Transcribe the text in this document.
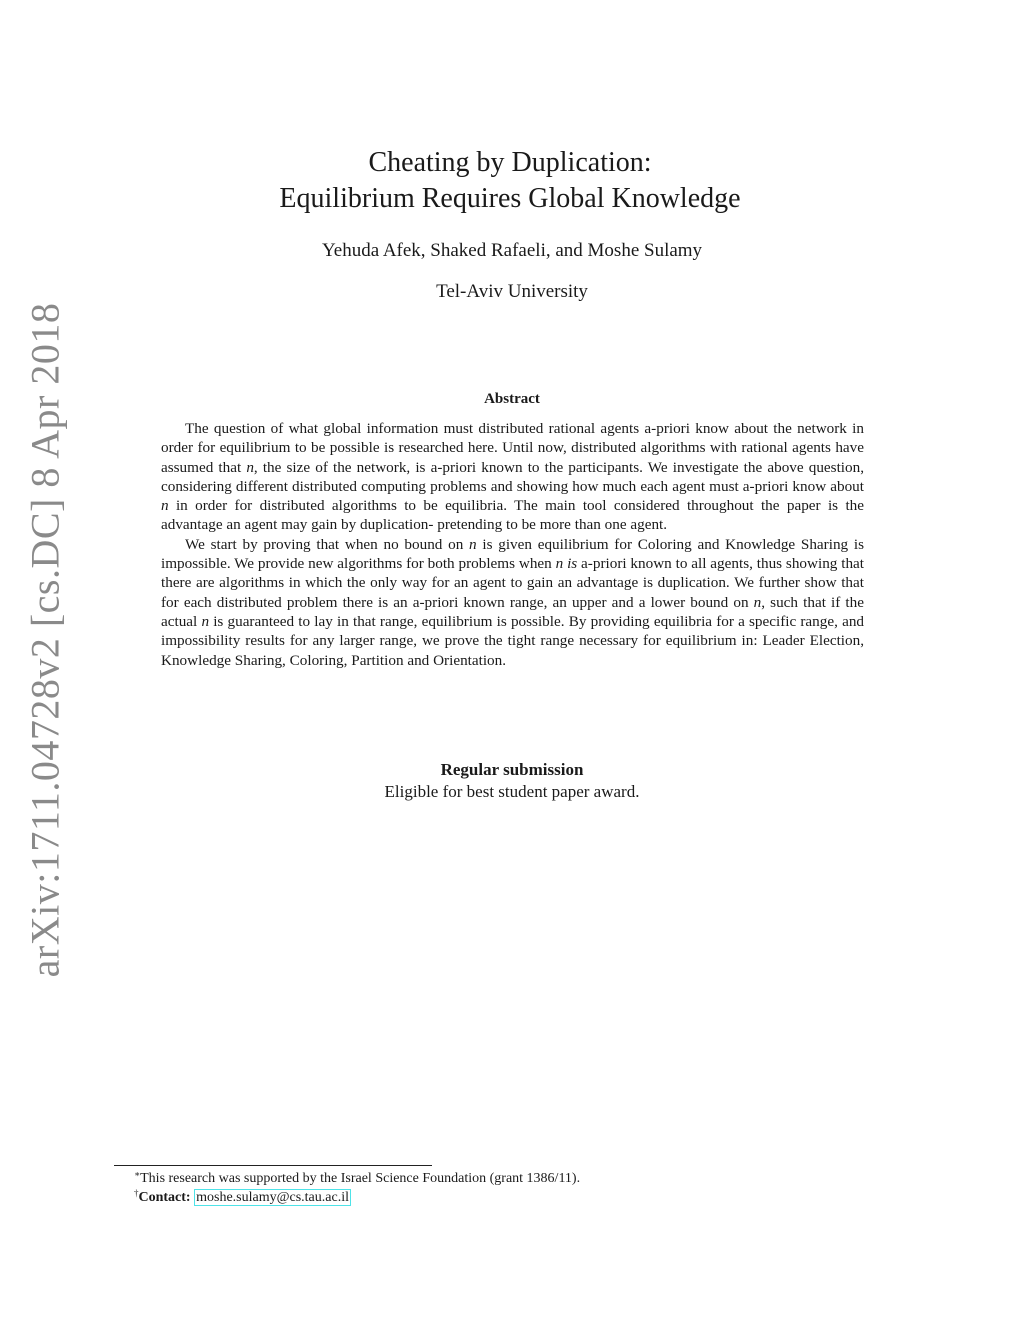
arXiv:1711.04728v2 [cs.DC] 8 Apr 2018
Cheating by Duplication:
Equilibrium Requires Global Knowledge
Yehuda Afek, Shaked Rafaeli, and Moshe Sulamy
Tel-Aviv University
Abstract

The question of what global information must distributed rational agents a-priori know about the network in order for equilibrium to be possible is researched here. Until now, distributed algorithms with rational agents have assumed that n, the size of the network, is a-priori known to the participants. We investigate the above question, considering different distributed computing problems and showing how much each agent must a-priori know about n in order for distributed algorithms to be equilibria. The main tool considered throughout the paper is the advantage an agent may gain by duplication- pretending to be more than one agent.

We start by proving that when no bound on n is given equilibrium for Coloring and Knowledge Sharing is impossible. We provide new algorithms for both problems when n is a-priori known to all agents, thus showing that there are algorithms in which the only way for an agent to gain an advantage is duplication. We further show that for each distributed problem there is an a-priori known range, an upper and a lower bound on n, such that if the actual n is guaranteed to lay in that range, equilibrium is possible. By providing equilibria for a specific range, and impossibility results for any larger range, we prove the tight range necessary for equilibrium in: Leader Election, Knowledge Sharing, Coloring, Partition and Orientation.

Regular submission
Eligible for best student paper award.
∗This research was supported by the Israel Science Foundation (grant 1386/11).
†Contact: moshe.sulamy@cs.tau.ac.il
